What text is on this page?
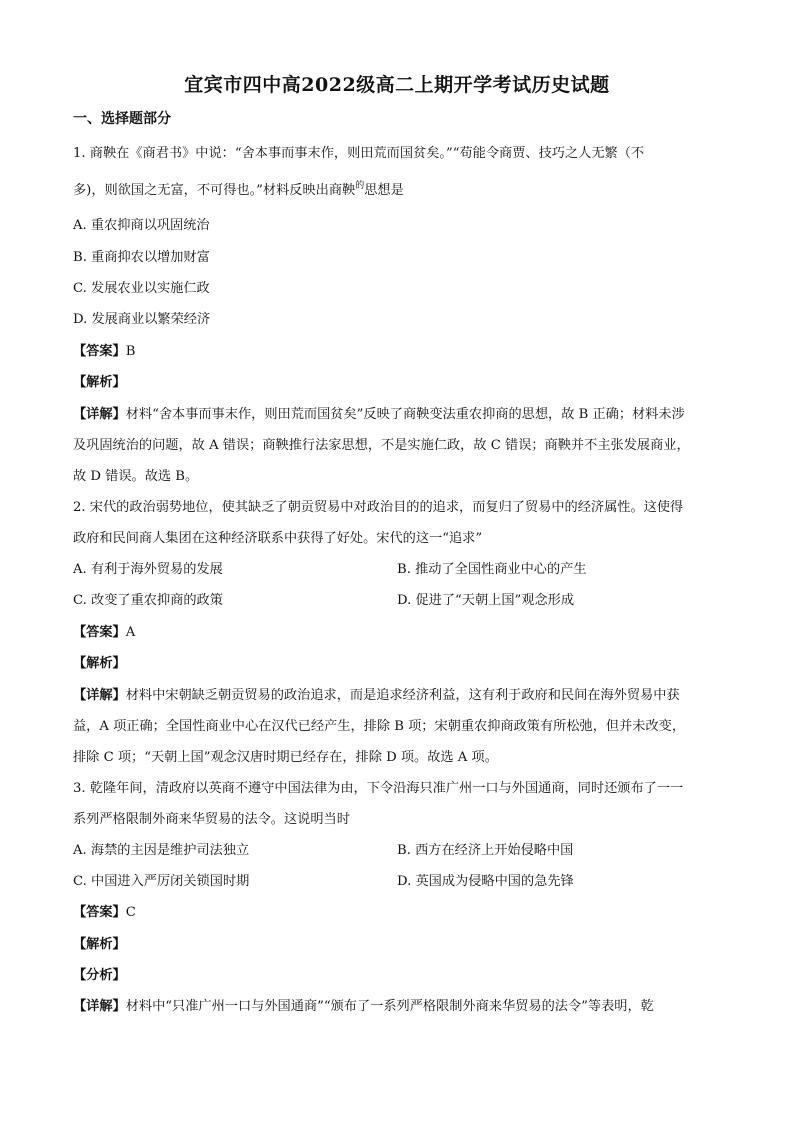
宜宾市四中高2022级高二上期开学考试历史试题
一、选择题部分
1. 商鞅在《商君书》中说：“舍本事而事末作，则田荒而国贫矣。”“苟能令商贾、技巧之人无繁（不
多)，则欲国之无富，不可得也。”材料反映出商鞅$^的$思想是
A. 重农抑商以巩固统治
B. 重商抑农以增加财富
C. 发展农业以实施仁政
D. 发展商业以繁荣经济
【答案】B
【解析】
【详解】材料“舍本事而事末作，则田荒而国贫矣”反映了商鞅变法重农抑商的思想，故 B 正确；材料未涉
及巩固统治的问题，故 A 错误；商鞅推行法家思想，不是实施仁政，故 C 错误；商鞅并不主张发展商业，
故 D 错误。故选 B。
2. 宋代的政治弱势地位，使其缺乏了朝贡贸易中对政治目的的追求，而复归了贸易中的经济属性。这使得
政府和民间商人集团在这种经济联系中获得了好处。宋代的这一“追求”
A. 有利于海外贸易的发展	B. 推动了全国性商业中心的产生
C. 改变了重农抑商的政策	D. 促进了“天朝上国”观念形成
【答案】A
【解析】
【详解】材料中宋朝缺乏朝贡贸易的政治追求，而是追求经济利益，这有利于政府和民间在海外贸易中获
益，A 项正确；全国性商业中心在汉代已经产生，排除 B 项；宋朝重农抑商政策有所松弛，但并未改变，
排除 C 项；“天朝上国”观念汉唐时期已经存在，排除 D 项。故选 A 项。
3. 乾隆年间，清政府以英商不遵守中国法律为由，下令沿海只准广州一口与外国通商，同时还颁布了一一
系列严格限制外商来华贸易的法令。这说明当时
A. 海禁的主因是维护司法独立	B. 西方在经济上开始侵略中国
C. 中国进入严厉闭关锁国时期	D. 英国成为侵略中国的急先锋
【答案】C
【解析】
【分析】
【详解】材料中“只准广州一口与外国通商”“颁布了一系列严格限制外商来华贸易的法令”等表明，乾
